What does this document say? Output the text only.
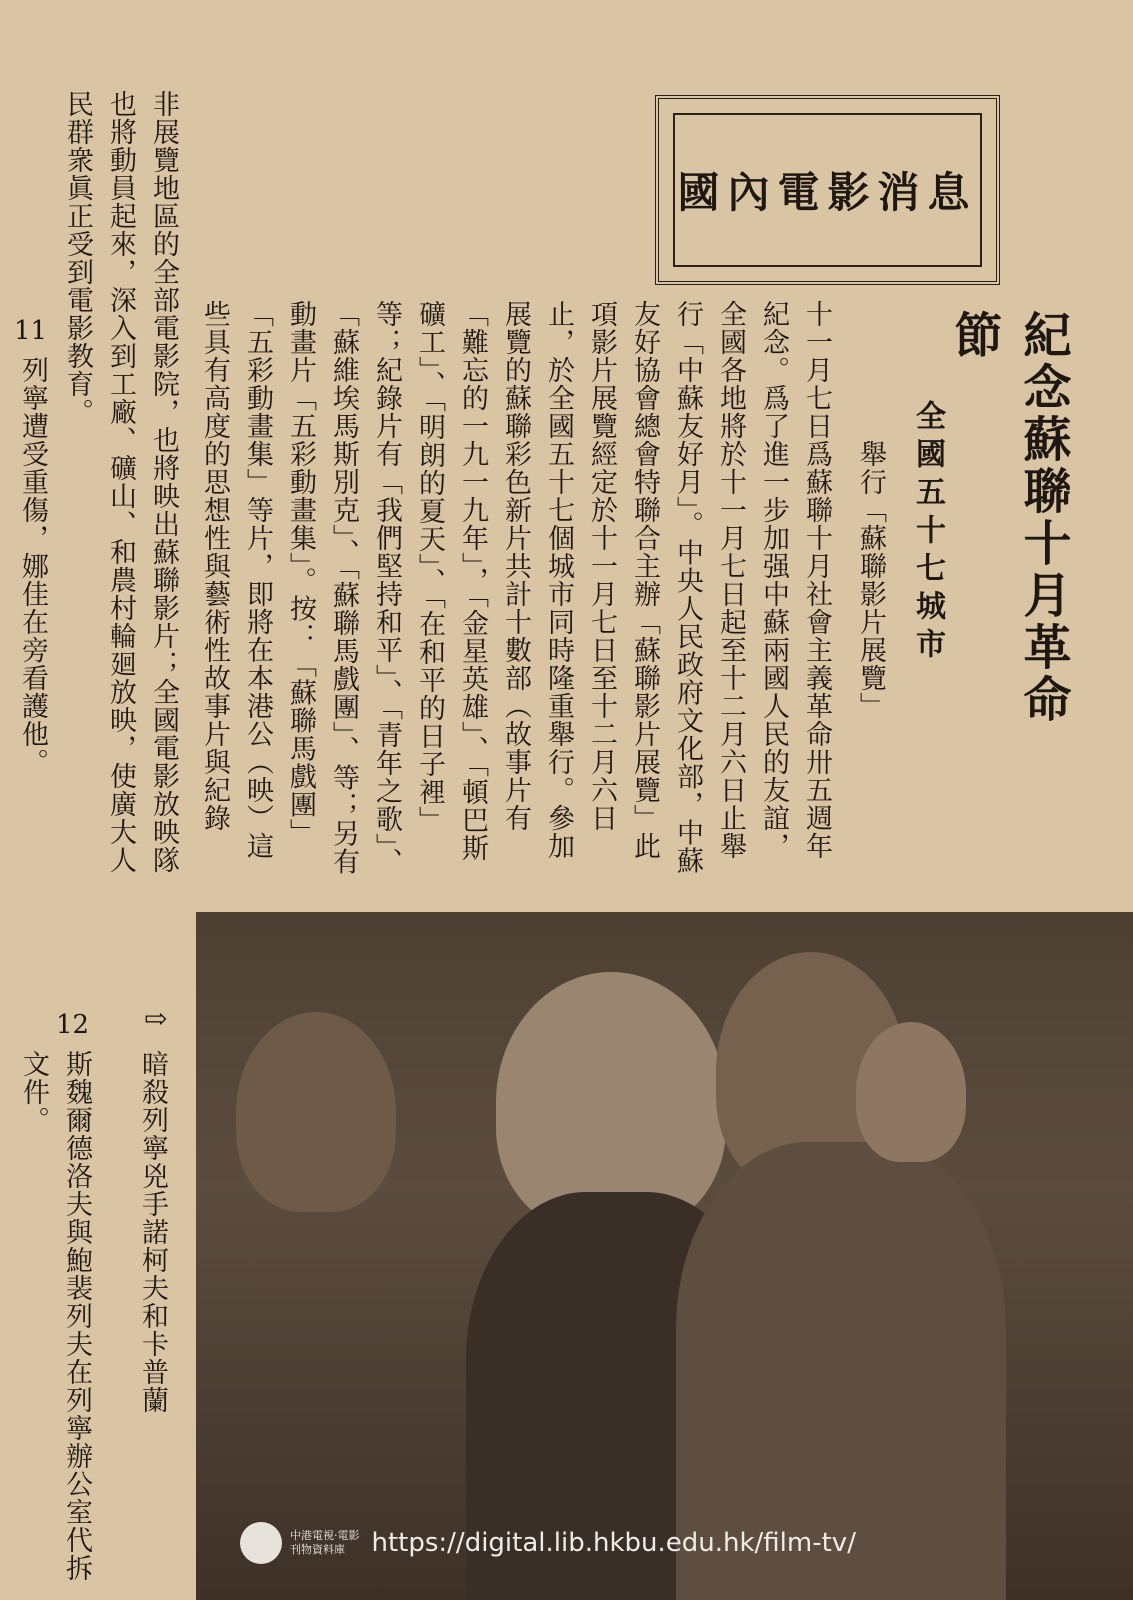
國內電影消息
紀念蘇聯十月革命節
全國五十七城市
舉行「蘇聯影片展覽」
十一月七日爲蘇聯十月社會主義革命卅五週年紀念。爲了進一步加强中蘇兩國人民的友誼，全國各地將於十一月七日起至十二月六日止舉行「中蘇友好月」。中央人民政府文化部，中蘇友好協會總會特聯合主辦「蘇聯影片展覽」此項影片展覽經定於十一月七日至十二月六日止，於全國五十七個城市同時隆重舉行。參加展覽的蘇聯彩色新片共計十數部（故事片有「難忘的一九一九年」，「金星英雄」、「頓巴斯礦工」、「明朗的夏天」、「在和平的日子裡」等；紀錄片有「我們堅持和平」、「青年之歌」、「蘇維埃馬斯別克」、「蘇聯馬戲團」、等；另有動畫片「五彩動畫集」。按：「蘇聯馬戲團」「五彩動畫集」等片，即將在本港公（映）這些具有高度的思想性與藝術性故事片與紀錄
非展覽地區的全部電影院，也將映出蘇聯影片；全國電影放映隊也將動員起來，深入到工廠、礦山、和農村輪廻放映，使廣大人民群衆眞正受到電影教育。
11
列寧遭受重傷，娜佳在旁看護他。
⇨
暗殺列寧兇手諾柯夫和卡普蘭
12
斯魏爾德洛夫與鮑裴列夫在列寧辦公室代拆文件。
中港電視·電影
刊物資料庫	https://digital.lib.hkbu.edu.hk/film-tv/
